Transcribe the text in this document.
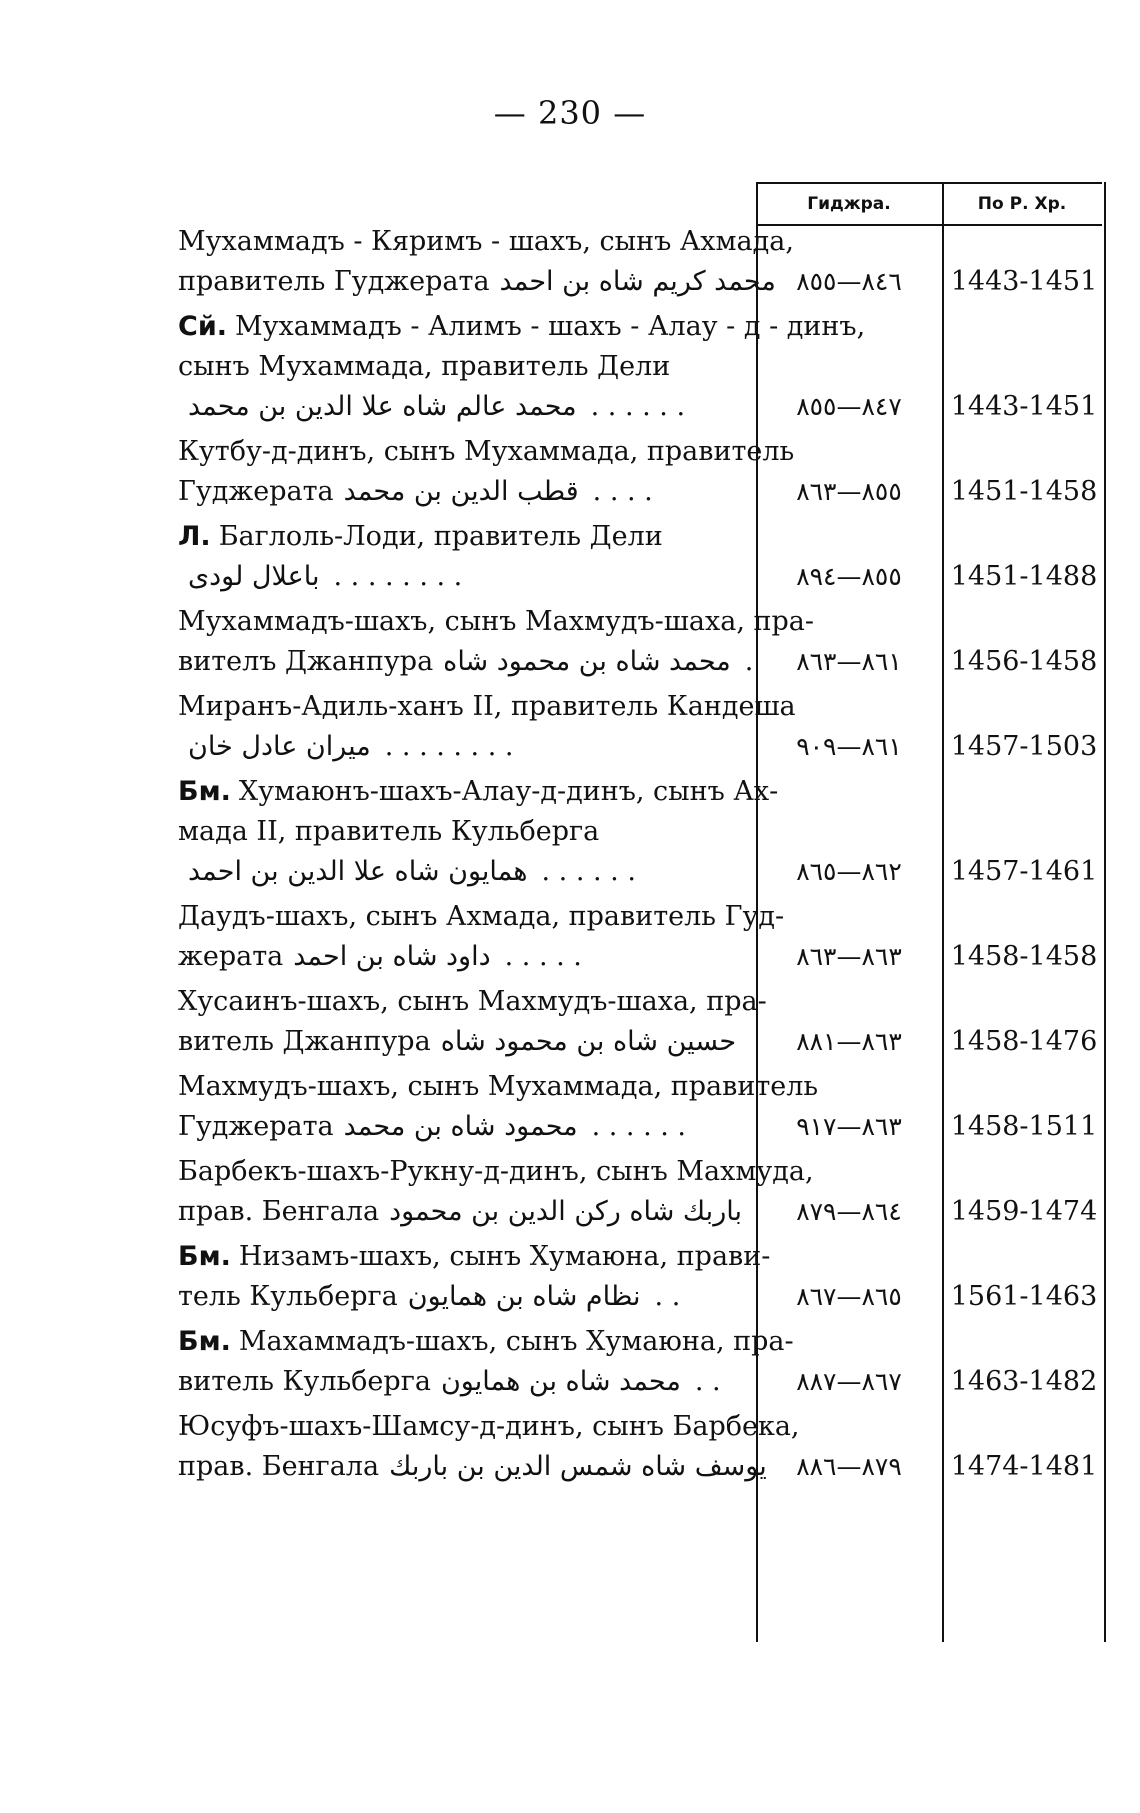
— 230 —
Гиджра.	По Р. Хр.
Мухаммадъ - Кяримъ - шахъ, сынъ Ахмада,
правитель Гуджерата محمد کریم شاه بن احمد ٨٤٦—٨٥٥	1443-1451
Сй. Мухаммадъ - Алимъ - шахъ - Алау - д - динъ,
сынъ Мухаммада, правитель Дели
محمد عالم شاه علا الدين بن محمد . . . . . .	٨٤٧—٨٥٥	1443-1451
Кутбу-д-динъ, сынъ Мухаммада, правитель
Гуджерата قطب الدين بن محمد . . . .	٨٥٥—٨٦٣	1451-1458
Л. Баглоль-Лоди, правитель Дели
باعلال لودی . . . . . . . .	٨٥٥—٨٩٤	1451-1488
Мухаммадъ-шахъ, сынъ Махмудъ-шаха, пра-
вителъ Джанпура محمد شاه بن محمود شاه .	٨٦١—٨٦٣	1456-1458
Миранъ-Адиль-ханъ II, правитель Кандеша
میران عادل خان . . . . . . . .	٨٦١—٩٠٩	1457-1503
Бм. Хумаюнъ-шахъ-Алау-д-динъ, сынъ Ах-
мада II, правитель Кульберга
همایون شاه علا الدين بن احمد . . . . . .	٨٦٢—٨٦٥	1457-1461
Даудъ-шахъ, сынъ Ахмада, правитель Гуд-
жерата داود شاه بن احمد . . . . .	٨٦٣—٨٦٣	1458-1458
Хусаинъ-шахъ, сынъ Махмудъ-шаха, пра-
витель Джанпура حسين شاه بن محمود شاه	٨٦٣—٨٨١	1458-1476
Махмудъ-шахъ, сынъ Мухаммада, правитель
Гуджерата محمود شاه بن محمد . . . . . .	٨٦٣—٩١٧	1458-1511
Барбекъ-шахъ-Рукну-д-динъ, сынъ Махмуда,
прав. Бенгала باربك شاه رکن الدين بن محمود	٨٦٤—٨٧٩	1459-1474
Бм. Низамъ-шахъ, сынъ Хумаюна, прави-
тель Кульберга نظام شاه بن همایون . .	٨٦٥—٨٦٧	1561-1463
Бм. Махаммадъ-шахъ, сынъ Хумаюна, пра-
витель Кульберга محمد شاه بن همایون . .	٨٦٧—٨٨٧	1463-1482
Юсуфъ-шахъ-Шамсу-д-динъ, сынъ Барбека,
прав. Бенгала يوسف شاه شمس الدين بن باربك	٨٧٩—٨٨٦	1474-1481
